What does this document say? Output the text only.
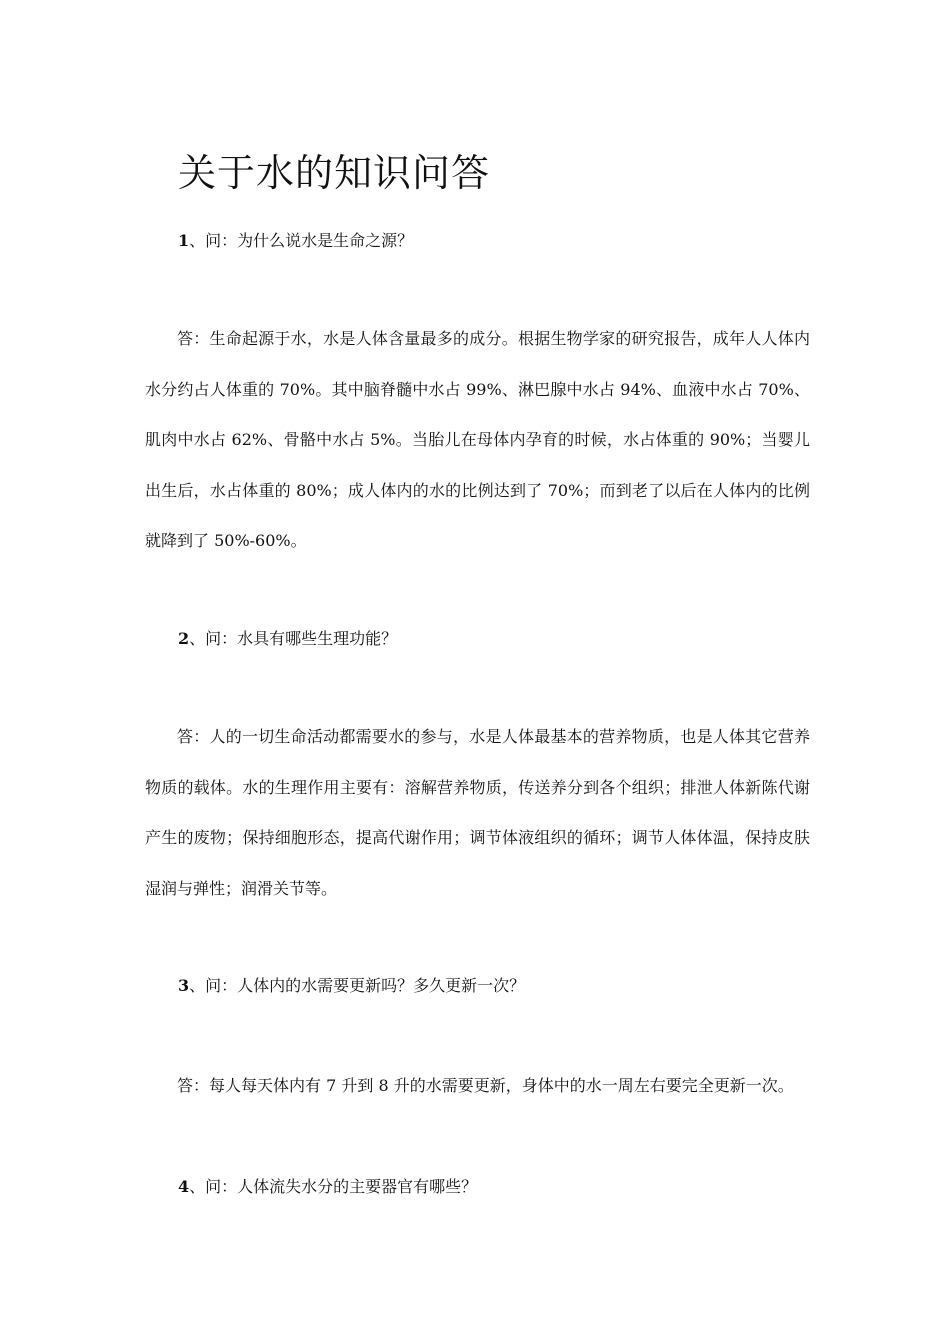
关于水的知识问答

1、问：为什么说水是生命之源？

答：生命起源于水，水是人体含量最多的成分。根据生物学家的研究报告，成年人人体内水分约占人体重的 70%。其中脑脊髓中水占 99%、淋巴腺中水占 94%、血液中水占 70%、肌肉中水占 62%、骨骼中水占 5%。当胎儿在母体内孕育的时候，水占体重的 90%；当婴儿出生后，水占体重的 80%；成人体内的水的比例达到了 70%；而到老了以后在人体内的比例就降到了 50%-60%。

2、问：水具有哪些生理功能？

答：人的一切生命活动都需要水的参与，水是人体最基本的营养物质，也是人体其它营养物质的载体。水的生理作用主要有：溶解营养物质，传送养分到各个组织；排泄人体新陈代谢产生的废物；保持细胞形态，提高代谢作用；调节体液组织的循环；调节人体体温，保持皮肤湿润与弹性；润滑关节等。

3、问：人体内的水需要更新吗？多久更新一次？

答：每人每天体内有 7 升到 8 升的水需要更新，身体中的水一周左右要完全更新一次。

4、问：人体流失水分的主要器官有哪些？
